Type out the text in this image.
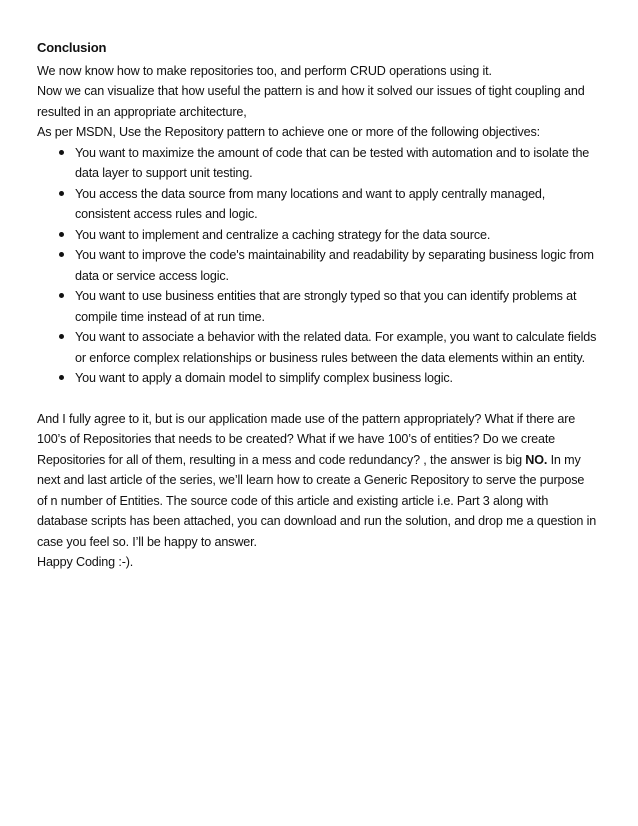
Conclusion

We now know how to make repositories too, and perform CRUD operations using it.

Now we can visualize that how useful the pattern is and how it solved our issues of tight coupling and resulted in an appropriate architecture,

As per MSDN, Use the Repository pattern to achieve one or more of the following objectives:

You want to maximize the amount of code that can be tested with automation and to isolate the data layer to support unit testing.
You access the data source from many locations and want to apply centrally managed, consistent access rules and logic.
You want to implement and centralize a caching strategy for the data source.
You want to improve the code's maintainability and readability by separating business logic from data or service access logic.
You want to use business entities that are strongly typed so that you can identify problems at compile time instead of at run time.
You want to associate a behavior with the related data. For example, you want to calculate fields or enforce complex relationships or business rules between the data elements within an entity.
You want to apply a domain model to simplify complex business logic.

And I fully agree to it, but is our application made use of the pattern appropriately? What if there are 100’s of Repositories that needs to be created? What if we have 100’s of entities? Do we create Repositories for all of them, resulting in a mess and code redundancy? , the answer is big NO. In my next and last article of the series, we’ll learn how to create a Generic Repository to serve the purpose of n number of Entities. The source code of this article and existing article i.e. Part 3 along with database scripts has been attached, you can download and run the solution, and drop me a question in case you feel so. I’ll be happy to answer.

Happy Coding :-).
